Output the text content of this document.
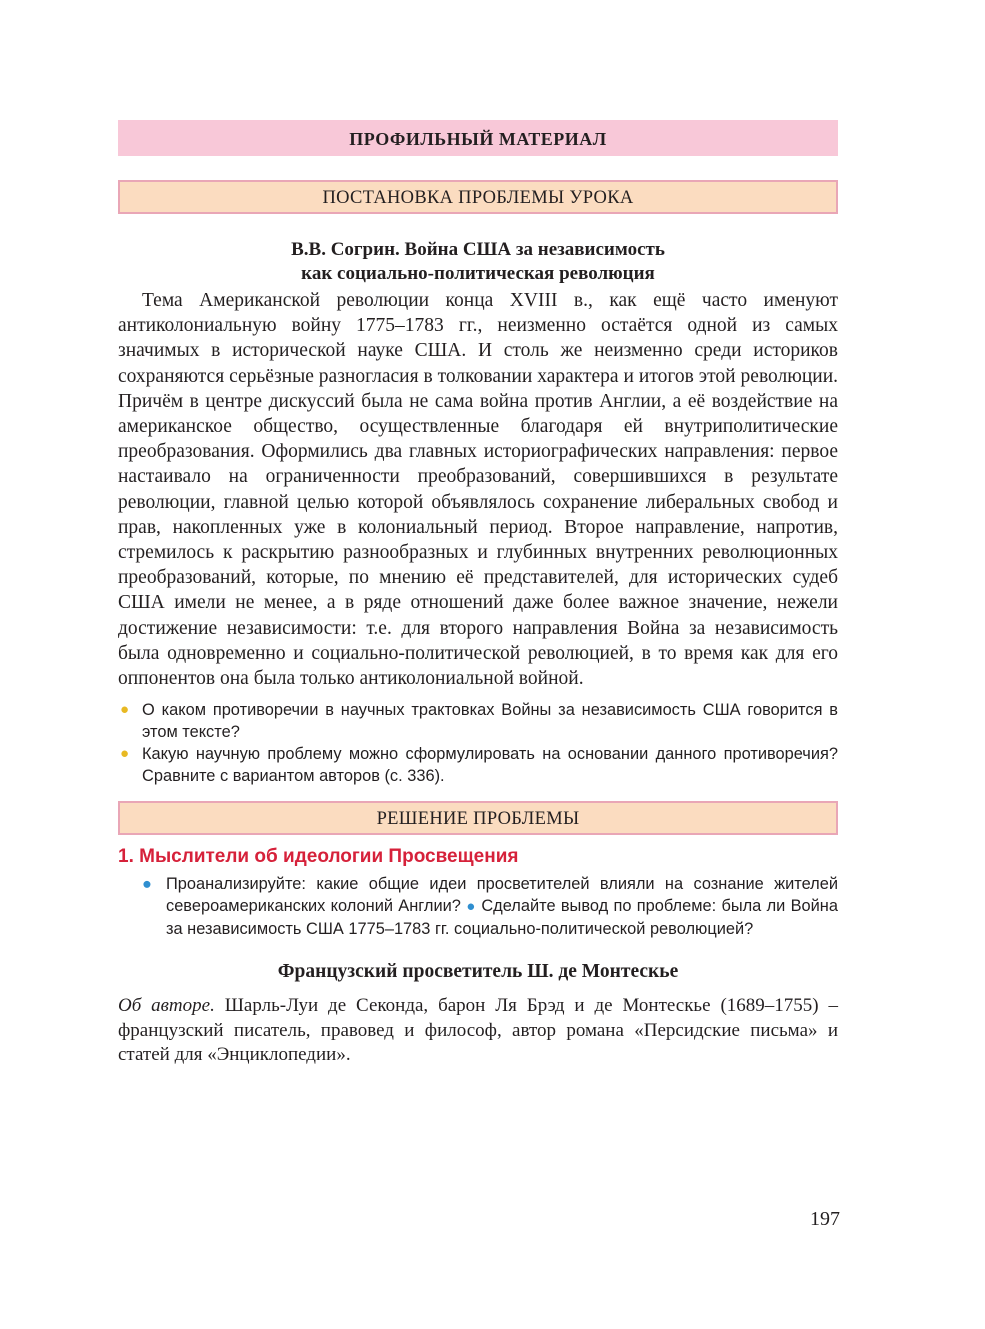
ПРОФИЛЬНЫЙ МАТЕРИАЛ
ПОСТАНОВКА ПРОБЛЕМЫ УРОКА
В.В. Согрин. Война США за независимость
как социально-политическая революция

Тема Американской революции конца XVIII в., как ещё часто именуют антиколониальную войну 1775–1783 гг., неизменно остаётся одной из самых значимых в исторической науке США. И столь же неизменно среди историков сохраняются серьёзные разногласия в толковании характера и итогов этой революции. Причём в центре дискуссий была не сама война против Англии, а её воздействие на американское общество, осуществленные благодаря ей внутриполитические преобразования. Оформились два главных историографических направления: первое настаивало на ограниченности преобразований, совершившихся в результате революции, главной целью которой объявлялось сохранение либеральных свобод и прав, накопленных уже в колониальный период. Второе направление, напротив, стремилось к раскрытию разнообразных и глубинных внутренних революционных преобразований, которые, по мнению её представителей, для исторических судеб США имели не менее, а в ряде отношений даже более важное значение, нежели достижение независимости: т.е. для второго направления Война за независимость была одновременно и социально-политической революцией, в то время как для его оппонентов она была только антиколониальной войной.

● О каком противоречии в научных трактовках Войны за независимость США говорится в этом тексте?
● Какую научную проблему можно сформулировать на основании данного противоречия? Сравните с вариантом авторов (с. 336).
РЕШЕНИЕ ПРОБЛЕМЫ
1. Мыслители об идеологии Просвещения
● Проанализируйте: какие общие идеи просветителей влияли на сознание жителей североамериканских колоний Англии? ● Сделайте вывод по проблеме: была ли Война за независимость США 1775–1783 гг. социально-политической революцией?
Французский просветитель Ш. де Монтескье

Об авторе. Шарль-Луи де Секонда, барон Ля Брэд и де Монтескье (1689–1755) – французский писатель, правовед и философ, автор романа «Персидские письма» и статей для «Энциклопедии».

197
